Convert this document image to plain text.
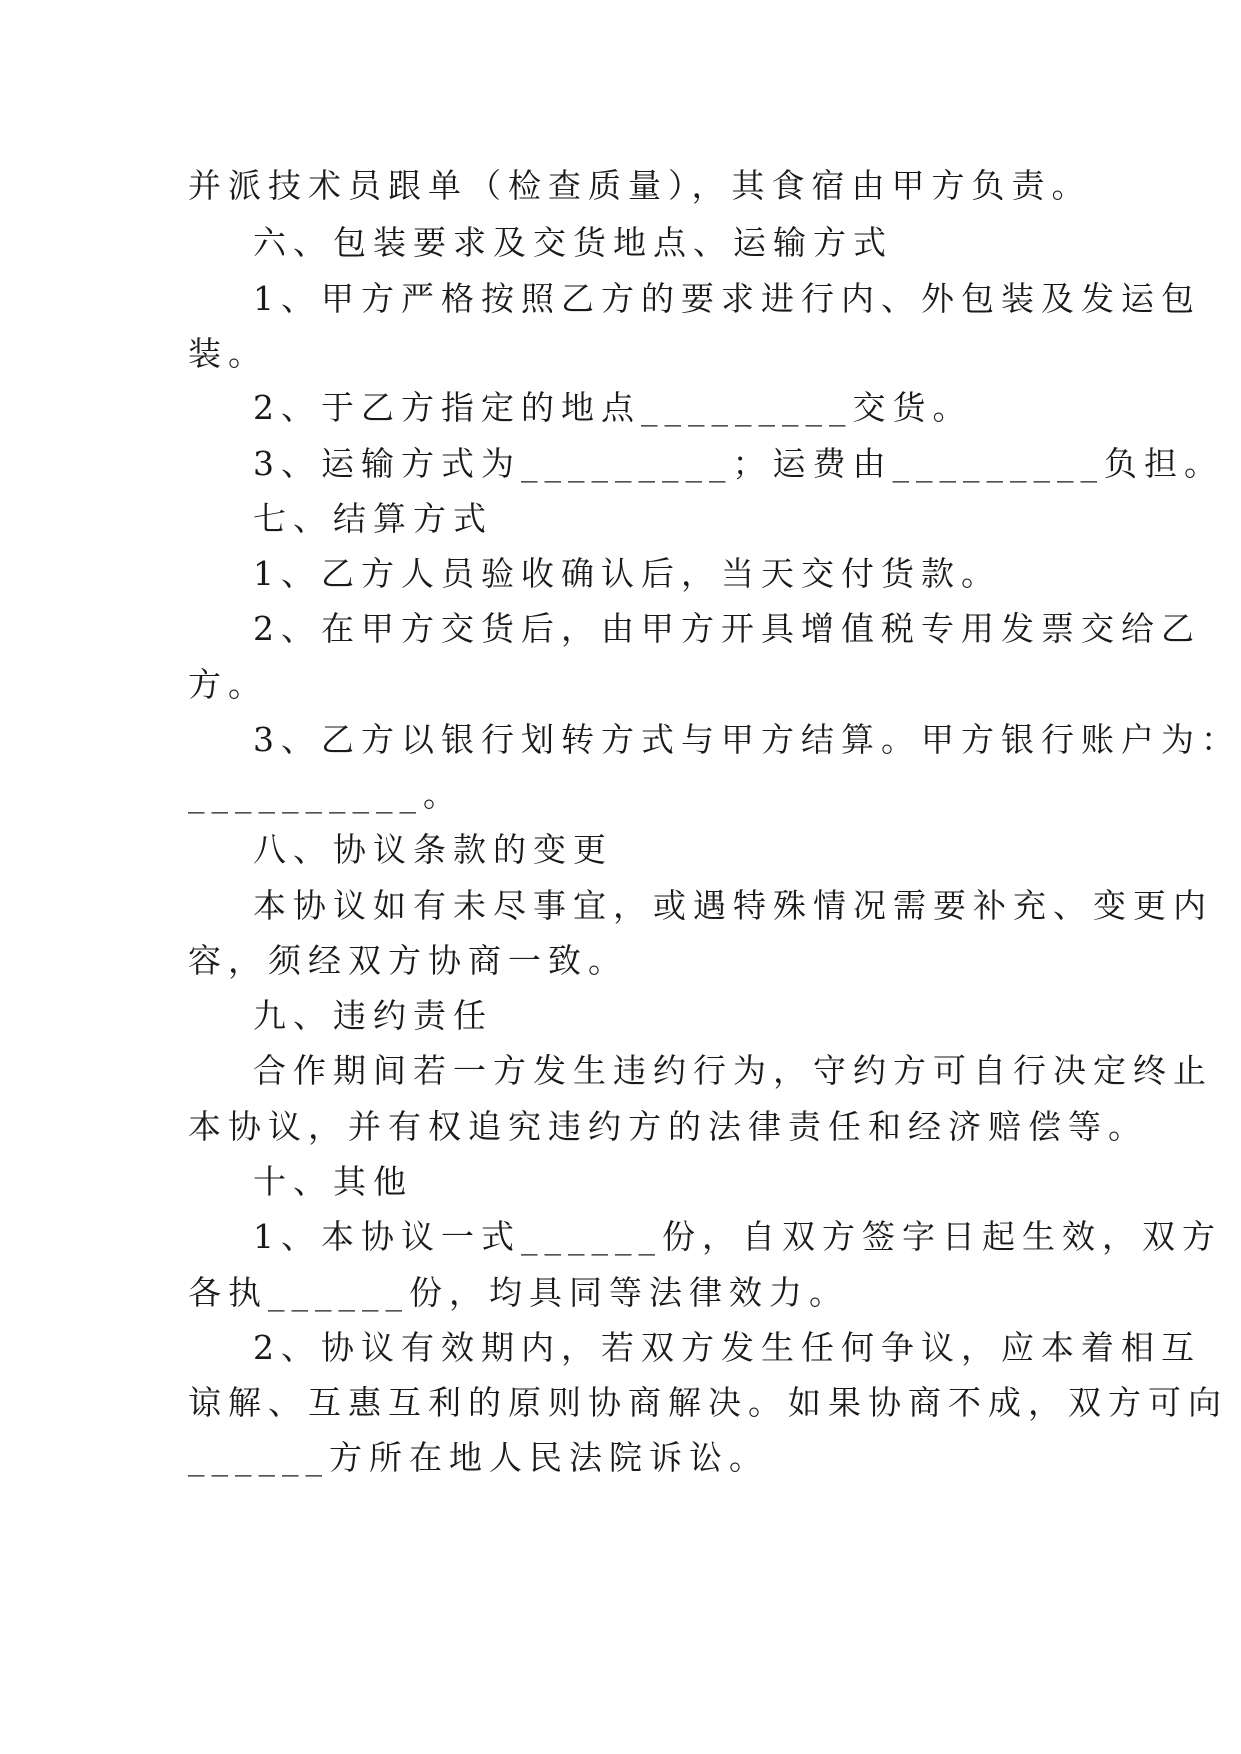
并派技术员跟单（检查质量），其食宿由甲方负责。
六、包装要求及交货地点、运输方式
1、甲方严格按照乙方的要求进行内、外包装及发运包
装。
2、于乙方指定的地点_________交货。
3、运输方式为_________；运费由_________负担。
七、结算方式
1、乙方人员验收确认后，当天交付货款。
2、在甲方交货后，由甲方开具增值税专用发票交给乙
方。
3、乙方以银行划转方式与甲方结算。甲方银行账户为：
__________。
八、协议条款的变更
本协议如有未尽事宜，或遇特殊情况需要补充、变更内
容，须经双方协商一致。
九、违约责任
合作期间若一方发生违约行为，守约方可自行决定终止
本协议，并有权追究违约方的法律责任和经济赔偿等。
十、其他
1、本协议一式______份，自双方签字日起生效，双方
各执______份，均具同等法律效力。
2、协议有效期内，若双方发生任何争议，应本着相互
谅解、互惠互利的原则协商解决。如果协商不成，双方可向
______方所在地人民法院诉讼。
